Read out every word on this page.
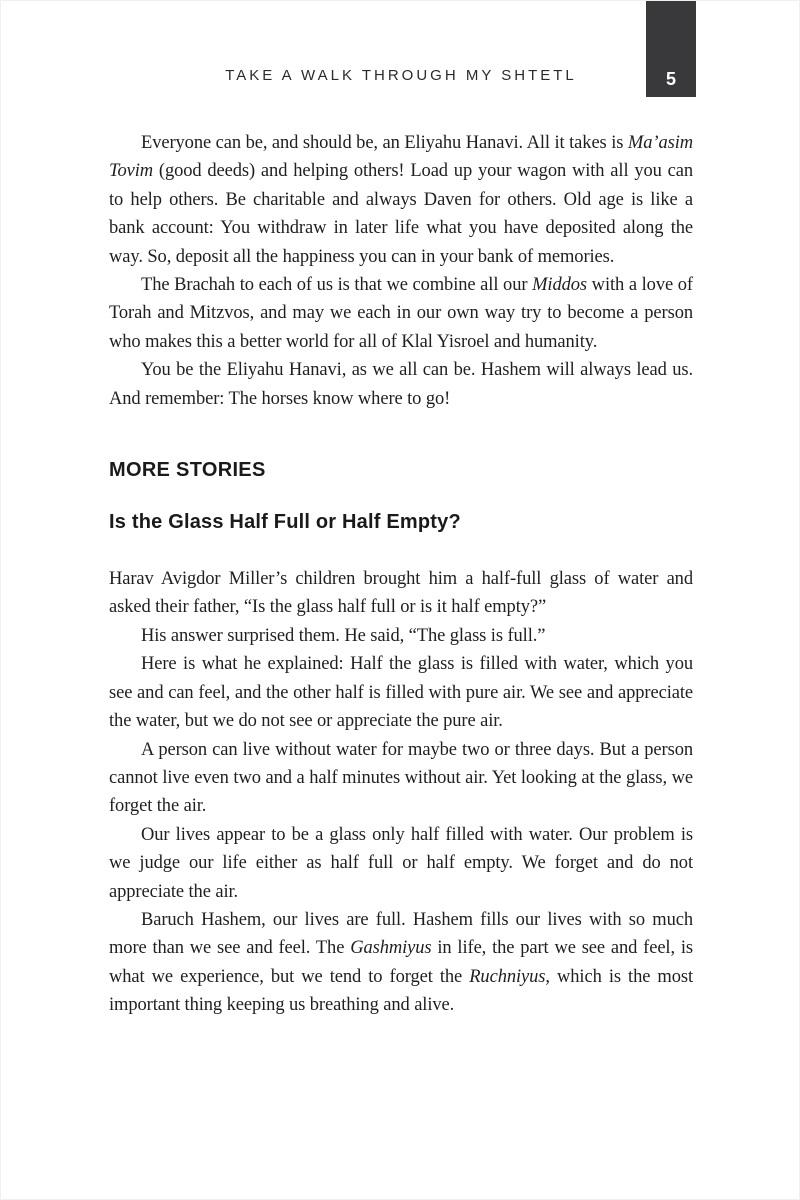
TAKE A WALK THROUGH MY SHTETL	5

Everyone can be, and should be, an Eliyahu Hanavi. All it takes is Ma’asim Tovim (good deeds) and helping others! Load up your wagon with all you can to help others. Be charitable and always Daven for others. Old age is like a bank account: You withdraw in later life what you have deposited along the way. So, deposit all the happiness you can in your bank of memories.

The Brachah to each of us is that we combine all our Middos with a love of Torah and Mitzvos, and may we each in our own way try to become a person who makes this a better world for all of Klal Yisroel and humanity.

You be the Eliyahu Hanavi, as we all can be. Hashem will always lead us. And remember: The horses know where to go!

MORE STORIES
Is the Glass Half Full or Half Empty?

Harav Avigdor Miller’s children brought him a half-full glass of water and asked their father, “Is the glass half full or is it half empty?”

His answer surprised them. He said, “The glass is full.”

Here is what he explained: Half the glass is filled with water, which you see and can feel, and the other half is filled with pure air. We see and appreciate the water, but we do not see or appreciate the pure air.

A person can live without water for maybe two or three days. But a person cannot live even two and a half minutes without air. Yet looking at the glass, we forget the air.

Our lives appear to be a glass only half filled with water. Our problem is we judge our life either as half full or half empty. We forget and do not appreciate the air.

Baruch Hashem, our lives are full. Hashem fills our lives with so much more than we see and feel. The Gashmiyus in life, the part we see and feel, is what we experience, but we tend to forget the Ruchniyus, which is the most important thing keeping us breathing and alive.
